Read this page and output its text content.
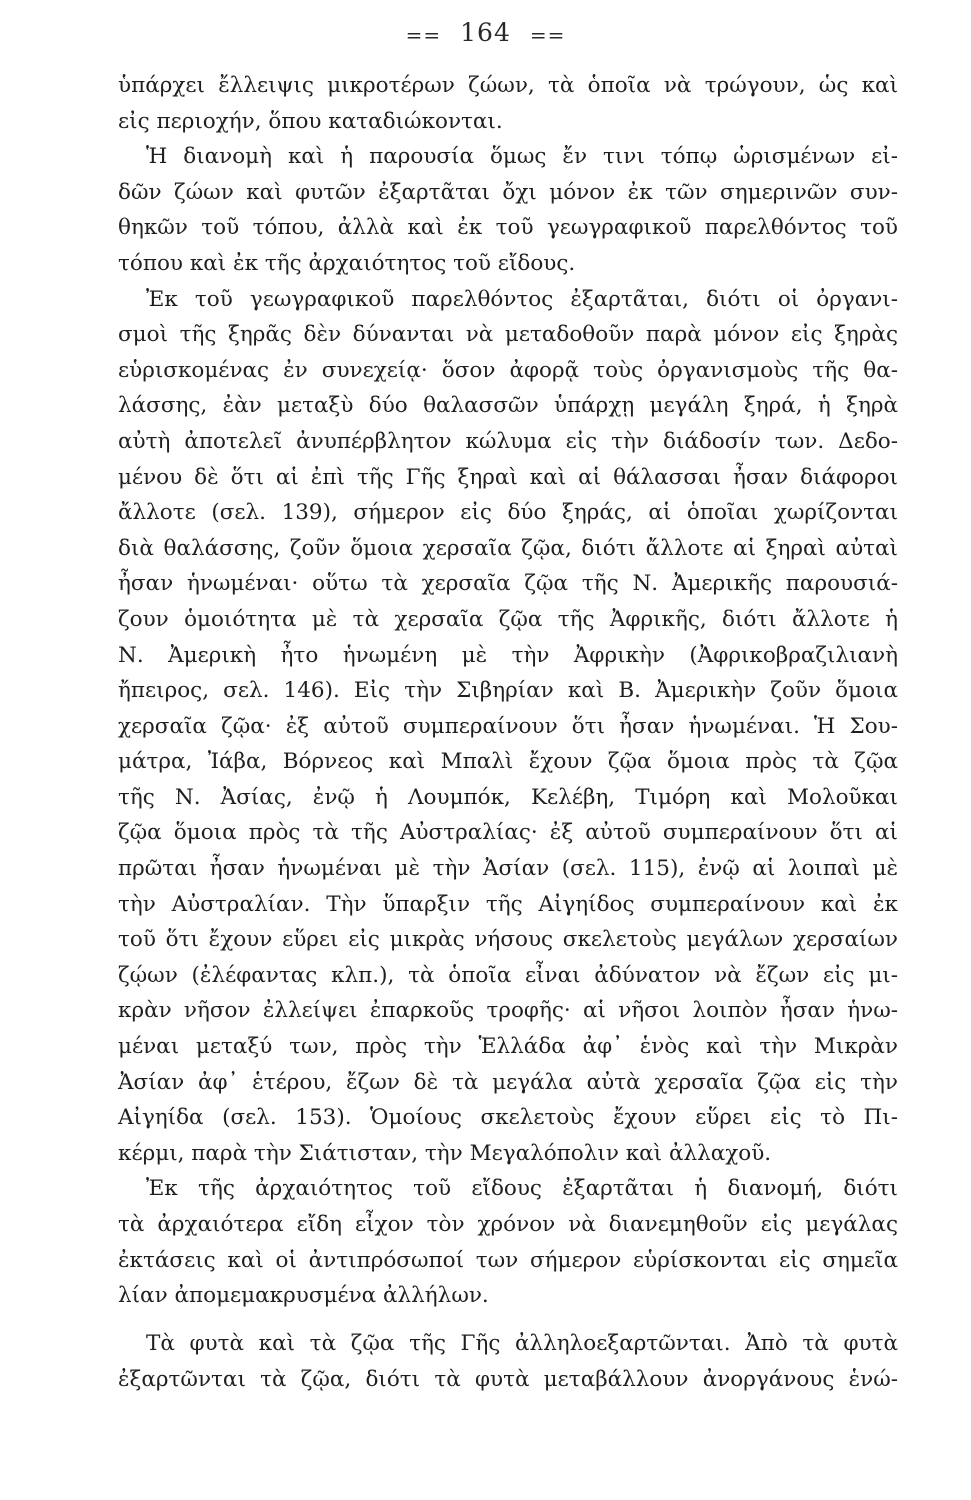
== 164 ==
ὑπάρχει ἔλλειψις μικροτέρων ζώων, τὰ ὁποῖα νὰ τρώγουν, ὡς καὶ
εἰς περιοχήν, ὅπου καταδιώκονται.
Ἡ διανομὴ καὶ ἡ παρουσία ὅμως ἔν τινι τόπῳ ὡρισμένων εἰ-
δῶν ζώων καὶ φυτῶν ἐξαρτᾶται ὄχι μόνον ἐκ τῶν σημερινῶν συν-
θηκῶν τοῦ τόπου, ἀλλὰ καὶ ἐκ τοῦ γεωγραφικοῦ παρελθόντος τοῦ
τόπου καὶ ἐκ τῆς ἀρχαιότητος τοῦ εἴδους.
Ἐκ τοῦ γεωγραφικοῦ παρελθόντος ἐξαρτᾶται, διότι οἱ ὀργανι-
σμοὶ τῆς ξηρᾶς δὲν δύνανται νὰ μεταδοθοῦν παρὰ μόνον εἰς ξηρὰς
εὑρισκομένας ἐν συνεχείᾳ· ὅσον ἀφορᾷ τοὺς ὀργανισμοὺς τῆς θα-
λάσσης, ἐὰν μεταξὺ δύο θαλασσῶν ὑπάρχῃ μεγάλη ξηρά, ἡ ξηρὰ
αὐτὴ ἀποτελεῖ ἀνυπέρβλητον κώλυμα εἰς τὴν διάδοσίν των. Δεδο-
μένου δὲ ὅτι αἱ ἐπὶ τῆς Γῆς ξηραὶ καὶ αἱ θάλασσαι ἦσαν διάφοροι
ἄλλοτε (σελ. 139), σήμερον εἰς δύο ξηράς, αἱ ὁποῖαι χωρίζονται
διὰ θαλάσσης, ζοῦν ὅμοια χερσαῖα ζῷα, διότι ἄλλοτε αἱ ξηραὶ αὐταὶ
ἦσαν ἡνωμέναι· οὕτω τὰ χερσαῖα ζῷα τῆς Ν. Ἀμερικῆς παρουσιά-
ζουν ὁμοιότητα μὲ τὰ χερσαῖα ζῷα τῆς Ἀφρικῆς, διότι ἄλλοτε ἡ
Ν. Ἀμερικὴ ἦτο ἡνωμένη μὲ τὴν Ἀφρικὴν (Ἀφρικοβραζιλιανὴ
ἤπειρος, σελ. 146). Εἰς τὴν Σιβηρίαν καὶ Β. Ἀμερικὴν ζοῦν ὅμοια
χερσαῖα ζῷα· ἐξ αὐτοῦ συμπεραίνουν ὅτι ἦσαν ἡνωμέναι. Ἡ Σου-
μάτρα, Ἰάβα, Βόρνεος καὶ Μπαλὶ ἔχουν ζῷα ὅμοια πρὸς τὰ ζῷα
τῆς Ν. Ἀσίας, ἐνῷ ἡ Λουμπόκ, Κελέβη, Τιμόρη καὶ Μολοῦκαι
ζῷα ὅμοια πρὸς τὰ τῆς Αὐστραλίας· ἐξ αὐτοῦ συμπεραίνουν ὅτι αἱ
πρῶται ἦσαν ἡνωμέναι μὲ τὴν Ἀσίαν (σελ. 115), ἐνῷ αἱ λοιπαὶ μὲ
τὴν Αὐστραλίαν. Τὴν ὕπαρξιν τῆς Αἰγηίδος συμπεραίνουν καὶ ἐκ
τοῦ ὅτι ἔχουν εὕρει εἰς μικρὰς νήσους σκελετοὺς μεγάλων χερσαίων
ζῴων (ἐλέφαντας κλπ.), τὰ ὁποῖα εἶναι ἀδύνατον νὰ ἔζων εἰς μι-
κρὰν νῆσον ἐλλείψει ἐπαρκοῦς τροφῆς· αἱ νῆσοι λοιπὸν ἦσαν ἡνω-
μέναι μεταξύ των, πρὸς τὴν Ἑλλάδα ἀφ᾿ ἑνὸς καὶ τὴν Μικρὰν
Ἀσίαν ἀφ᾿ ἑτέρου, ἔζων δὲ τὰ μεγάλα αὐτὰ χερσαῖα ζῷα εἰς τὴν
Αἰγηίδα (σελ. 153). Ὁμοίους σκελετοὺς ἔχουν εὕρει εἰς τὸ Πι-
κέρμι, παρὰ τὴν Σιάτισταν, τὴν Μεγαλόπολιν καὶ ἀλλαχοῦ.
Ἐκ τῆς ἀρχαιότητος τοῦ εἴδους ἐξαρτᾶται ἡ διανομή, διότι
τὰ ἀρχαιότερα εἴδη εἶχον τὸν χρόνον νὰ διανεμηθοῦν εἰς μεγάλας
ἐκτάσεις καὶ οἱ ἀντιπρόσωποί των σήμερον εὑρίσκονται εἰς σημεῖα
λίαν ἀπομεμακρυσμένα ἀλλήλων.
Τὰ φυτὰ καὶ τὰ ζῷα τῆς Γῆς ἀλληλοεξαρτῶνται. Ἀπὸ τὰ φυτὰ
ἐξαρτῶνται τὰ ζῷα, διότι τὰ φυτὰ μεταβάλλουν ἀνοργάνους ἑνώ-
